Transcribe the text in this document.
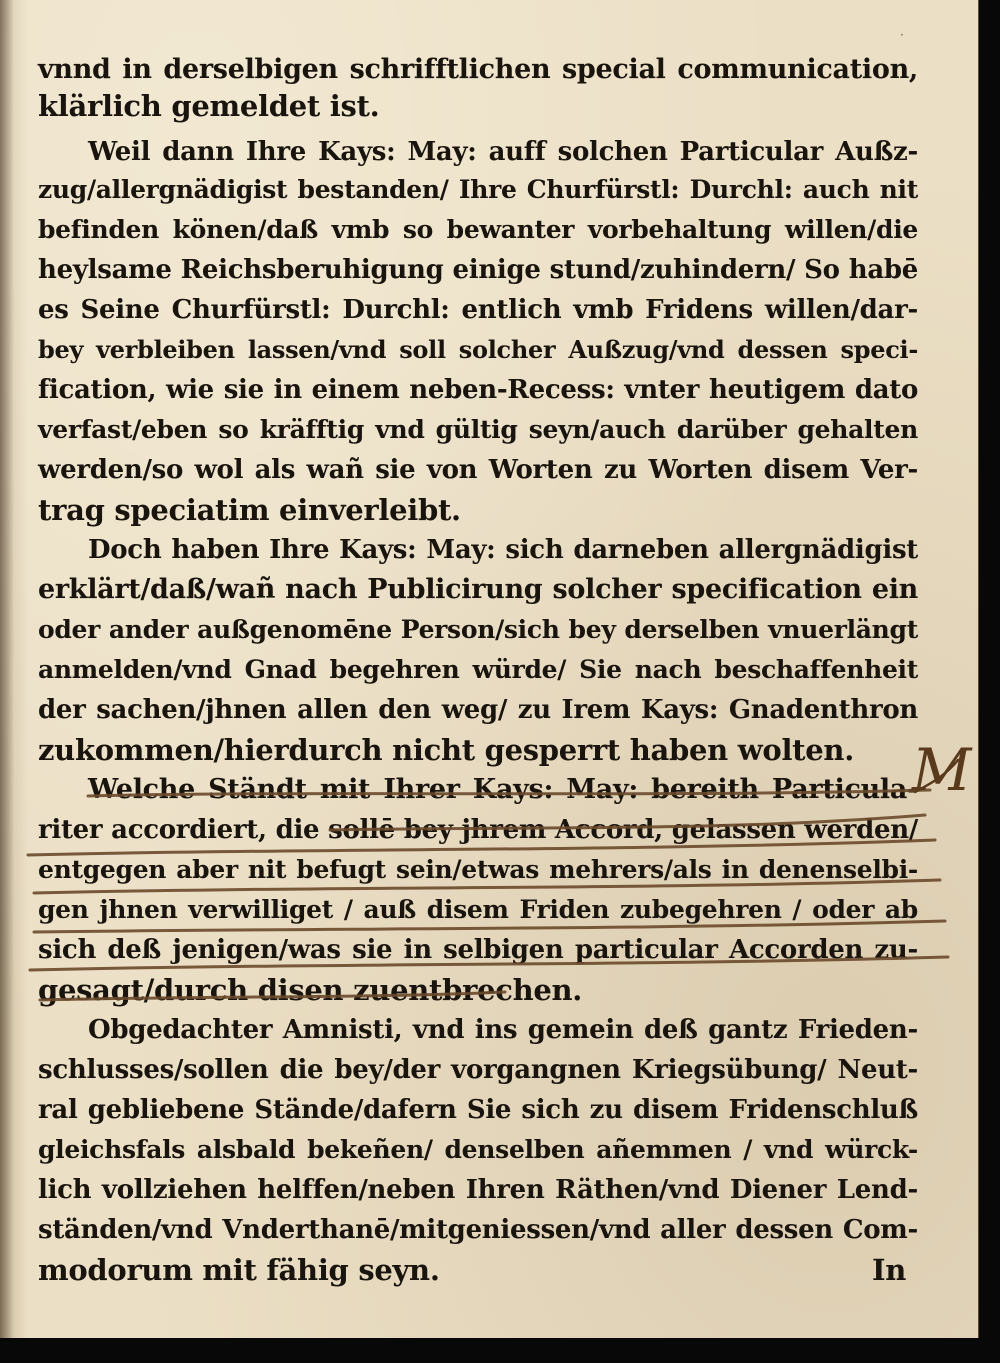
vnnd in derselbigen schrifftlichen special communication,
klärlich gemeldet ist.
Weil dann Ihre Kays: May: auff solchen Particular Außz-
zug/allergnädigist bestanden/ Ihre Churfürstl: Durchl: auch nit
befinden könen/daß vmb so bewanter vorbehaltung willen/die
heylsame Reichsberuhigung einige stund/zuhindern/ So habē
es Seine Churfürstl: Durchl: entlich vmb Fridens willen/dar-
bey verbleiben lassen/vnd soll solcher Außzug/vnd dessen speci-
fication, wie sie in einem neben-Recess: vnter heutigem dato
verfast/eben so kräfftig vnd gültig seyn/auch darüber gehalten
werden/so wol als wañ sie von Worten zu Worten disem Ver-
trag speciatim einverleibt.
Doch haben Ihre Kays: May: sich darneben allergnädigist
erklärt/daß/wañ nach Publicirung solcher specification ein
oder ander außgenomēne Person/sich bey derselben vnuerlängt
anmelden/vnd Gnad begehren würde/ Sie nach beschaffenheit
der sachen/jhnen allen den weg/ zu Irem Kays: Gnadenthron
zukommen/hierdurch nicht gesperrt haben wolten.
Welche Ständt mit Ihrer Kays: May: bereith Particula-
riter accordiert, die sollē bey jhrem Accord, gelassen werden/
entgegen aber nit befugt sein/etwas mehrers/als in denenselbi-
gen jhnen verwilliget / auß disem Friden zubegehren / oder ab
sich deß jenigen/was sie in selbigen particular Accorden zu-
gesagt/durch disen zuentbrechen.
Obgedachter Amnisti, vnd ins gemein deß gantz Frieden-
schlusses/sollen die bey/der vorgangnen Kriegsübung/ Neut-
ral gebliebene Stände/dafern Sie sich zu disem Fridenschluß
gleichsfals alsbald bekeñen/ denselben añemmen / vnd würck-
lich vollziehen helffen/neben Ihren Räthen/vnd Diener Lend-
ständen/vnd Vnderthanē/mitgeniessen/vnd aller dessen Com-
modorum mit fähig seyn.	In
M
·
